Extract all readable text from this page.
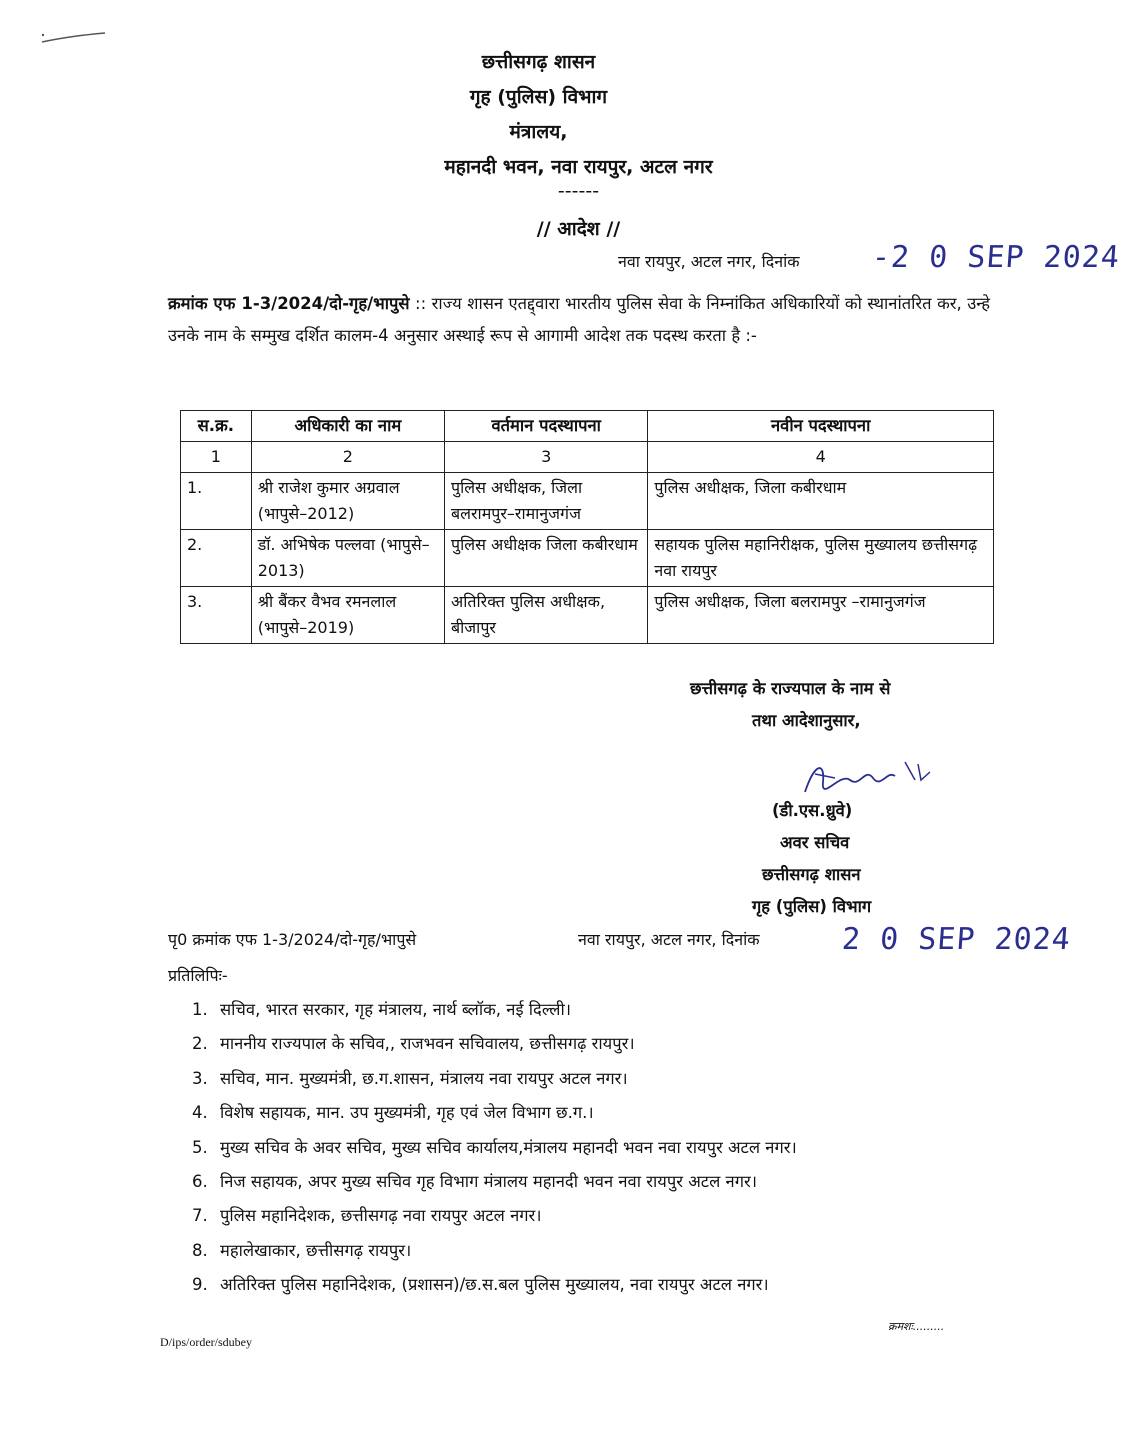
छत्तीसगढ़ शासन
गृह (पुलिस) विभाग
मंत्रालय,
महानदी भवन, नवा रायपुर, अटल नगर
------
// आदेश //
नवा रायपुर, अटल नगर, दिनांक -2 0 SEP 2024
क्रमांक एफ 1-3/2024/दो-गृह/भापुसे :: राज्य शासन एतद्द्वारा भारतीय पुलिस सेवा के निम्नांकित अधिकारियों को स्थानांतरित कर, उन्हे उनके नाम के सम्मुख दर्शित कालम-4 अनुसार अस्थाई रूप से आगामी आदेश तक पदस्थ करता है :-
स.क्र.	अधिकारी का नाम	वर्तमान पदस्थापना	नवीन पदस्थापना
1	2	3	4
1.	श्री राजेश कुमार अग्रवाल (भापुसे–2012)	पुलिस अधीक्षक, जिला बलरामपुर–रामानुजगंज	पुलिस अधीक्षक, जिला कबीरधाम
2.	डॉ. अभिषेक पल्लवा (भापुसे–2013)	पुलिस अधीक्षक जिला कबीरधाम	सहायक पुलिस महानिरीक्षक, पुलिस मुख्यालय छत्तीसगढ़ नवा रायपुर
3.	श्री बैंकर वैभव रमनलाल (भापुसे–2019)	अतिरिक्त पुलिस अधीक्षक, बीजापुर	पुलिस अधीक्षक, जिला बलरामपुर –रामानुजगंज
छत्तीसगढ़ के राज्यपाल के नाम से
तथा आदेशानुसार,
(डी.एस.ध्रुवे)
अवर सचिव
छत्तीसगढ़ शासन
गृह (पुलिस) विभाग
पृ0 क्रमांक एफ 1-3/2024/दो-गृह/भापुसे	नवा रायपुर, अटल नगर, दिनांक	2 0 SEP 2024
प्रतिलिपिः-
1. सचिव, भारत सरकार, गृह मंत्रालय, नार्थ ब्लॉक, नई दिल्ली।
2. माननीय राज्यपाल के सचिव,, राजभवन सचिवालय, छत्तीसगढ़ रायपुर।
3. सचिव, मान. मुख्यमंत्री, छ.ग.शासन, मंत्रालय नवा रायपुर अटल नगर।
4. विशेष सहायक, मान. उप मुख्यमंत्री, गृह एवं जेल विभाग छ.ग.।
5. मुख्य सचिव के अवर सचिव, मुख्य सचिव कार्यालय,मंत्रालय महानदी भवन नवा रायपुर अटल नगर।
6. निज सहायक, अपर मुख्य सचिव गृह विभाग मंत्रालय महानदी भवन नवा रायपुर अटल नगर।
7. पुलिस महानिदेशक, छत्तीसगढ़ नवा रायपुर अटल नगर।
8. महालेखाकार, छत्तीसगढ़ रायपुर।
9. अतिरिक्त पुलिस महानिदेशक, (प्रशासन)/छ.स.बल पुलिस मुख्यालय, नवा रायपुर अटल नगर।
क्रमशः.........
D/ips/order/sdubey
